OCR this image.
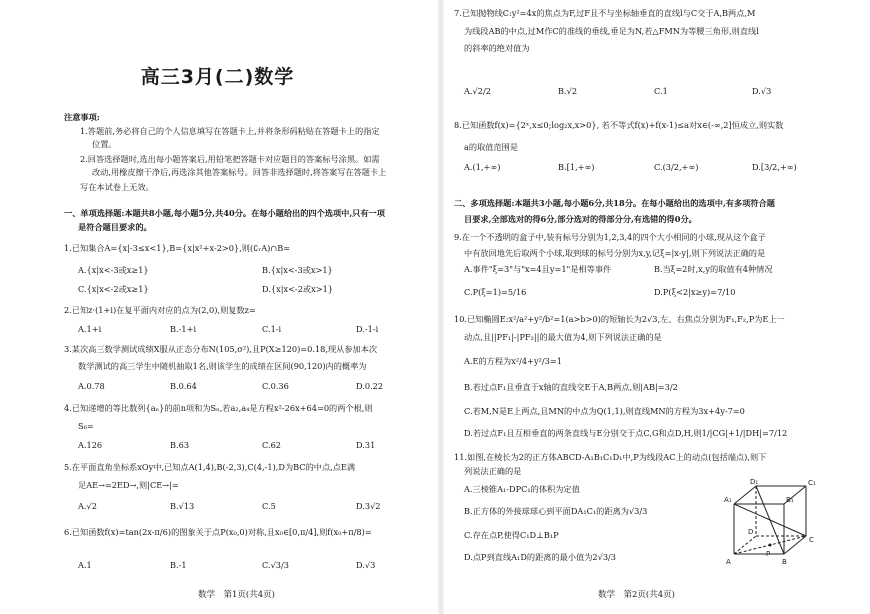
高三3月(二)数学
注意事项:
1.答题前,务必将自己的个人信息填写在答题卡上,并将条形码粘贴在答题卡上的指定
位置。
2.回答选择题时,选出每小题答案后,用铅笔把答题卡对应题目的答案标号涂黑。如需
改动,用橡皮擦干净后,再选涂其他答案标号。回答非选择题时,将答案写在答题卡上
写在本试卷上无效。
一、单项选择题:本题共8小题,每小题5分,共40分。在每小题给出的四个选项中,只有一项
是符合题目要求的。
1.已知集合A={x|-3≤x<1},B={x|x²+x-2>0},则(∁ᵣA)∩B=
A.{x|x<-3或x≥1}	B.{x|x<-3或x>1}
C.{x|x<-2或x≥1}	D.{x|x<-2或x>1}
2.已知z·(1+i)在复平面内对应的点为(2,0),则复数z=
A.1+i	B.-1+i	C.1-i	D.-1-i
3.某次高三数学测试成绩X服从正态分布N(105,σ²),且P(X≥120)=0.18,现从参加本次
数学测试的高三学生中随机抽取1名,则该学生的成绩在区间(90,120)内的概率为
A.0.78	B.0.64	C.0.36	D.0.22
4.已知递增的等比数列{aₙ}的前n项和为Sₙ,若a₂,a₄是方程x²-26x+64=0的两个根,则
S₆=
A.126	B.63	C.62	D.31
5.在平面直角坐标系xOy中,已知点A(1,4),B(-2,3),C(4,-1),D为BC的中点,点E满
足AE→=2ED→,则|CE→|=
A.√2	B.√13	C.5	D.3√2
6.已知函数f(x)=tan(2x-π/6)的图象关于点P(x₀,0)对称,且x₀∈[0,π/4],则f(x₀+π/8)=
A.1	B.-1	C.√3/3	D.√3
数学　第1页(共4页)
7.已知抛物线C:y²=4x的焦点为F,过F且不与坐标轴垂直的直线l与C交于A,B两点,M
为线段AB的中点,过M作C的准线的垂线,垂足为N,若△FMN为等腰三角形,则直线l
的斜率的绝对值为
A.√2/2	B.√2	C.1	D.√3
8.已知函数f(x)={2ˣ,x≤0;log₂x,x>0}, 若不等式f(x)+f(x-1)≤a对x∈(-∞,2]恒成立,则实数
a的取值范围是
A.(1,+∞)	B.[1,+∞)	C.(3/2,+∞)	D.[3/2,+∞)
二、多项选择题:本题共3小题,每小题6分,共18分。在每小题给出的选项中,有多项符合题
目要求,全部选对的得6分,部分选对的得部分分,有选错的得0分。
9.在一个不透明的盒子中,装有标号分别为1,2,3,4的四个大小相同的小球,现从这个盒子
中有放回地先后取两个小球,取到球的标号分别为x,y,记ξ=|x-y|,则下列说法正确的是
A.事件"ξ=3"与"x=4且y=1"是相等事件	B.当ξ=2时,x,y的取值有4种情况
C.P(ξ=1)=5/16	D.P(ξ<2|x≥y)=7/10
10.已知椭圆E:x²/a²+y²/b²=1(a>b>0)的短轴长为2√3,左、右焦点分别为F₁,F₂,P为E上一
动点,且||PF₁|-|PF₂||的最大值为4,则下列说法正确的是
A.E的方程为x²/4+y²/3=1
B.若过点F₁且垂直于x轴的直线交E于A,B两点,则|AB|=3/2
C.若M,N是E上两点,且MN的中点为Q(1,1),则直线MN的方程为3x+4y-7=0
D.若过点F₁且互相垂直的两条直线与E分别交于点C,G和点D,H,则1/|CG|+1/|DH|=7/12
11.如图,在棱长为2的正方体ABCD-A₁B₁C₁D₁中,P为线段AC上的动点(包括端点),则下
列说法正确的是
A.三棱锥A₁-DPC₁的体积为定值
B.正方体的外接球球心到平面DA₁C₁的距离为√3/3
C.存在点P,使得C₁D⊥B₁P
D.点P到直线A₁D的距离的最小值为2√3/3
A₁	B₁
C₁
D₁
A	B
C
D
P
数学　第2页(共4页)
